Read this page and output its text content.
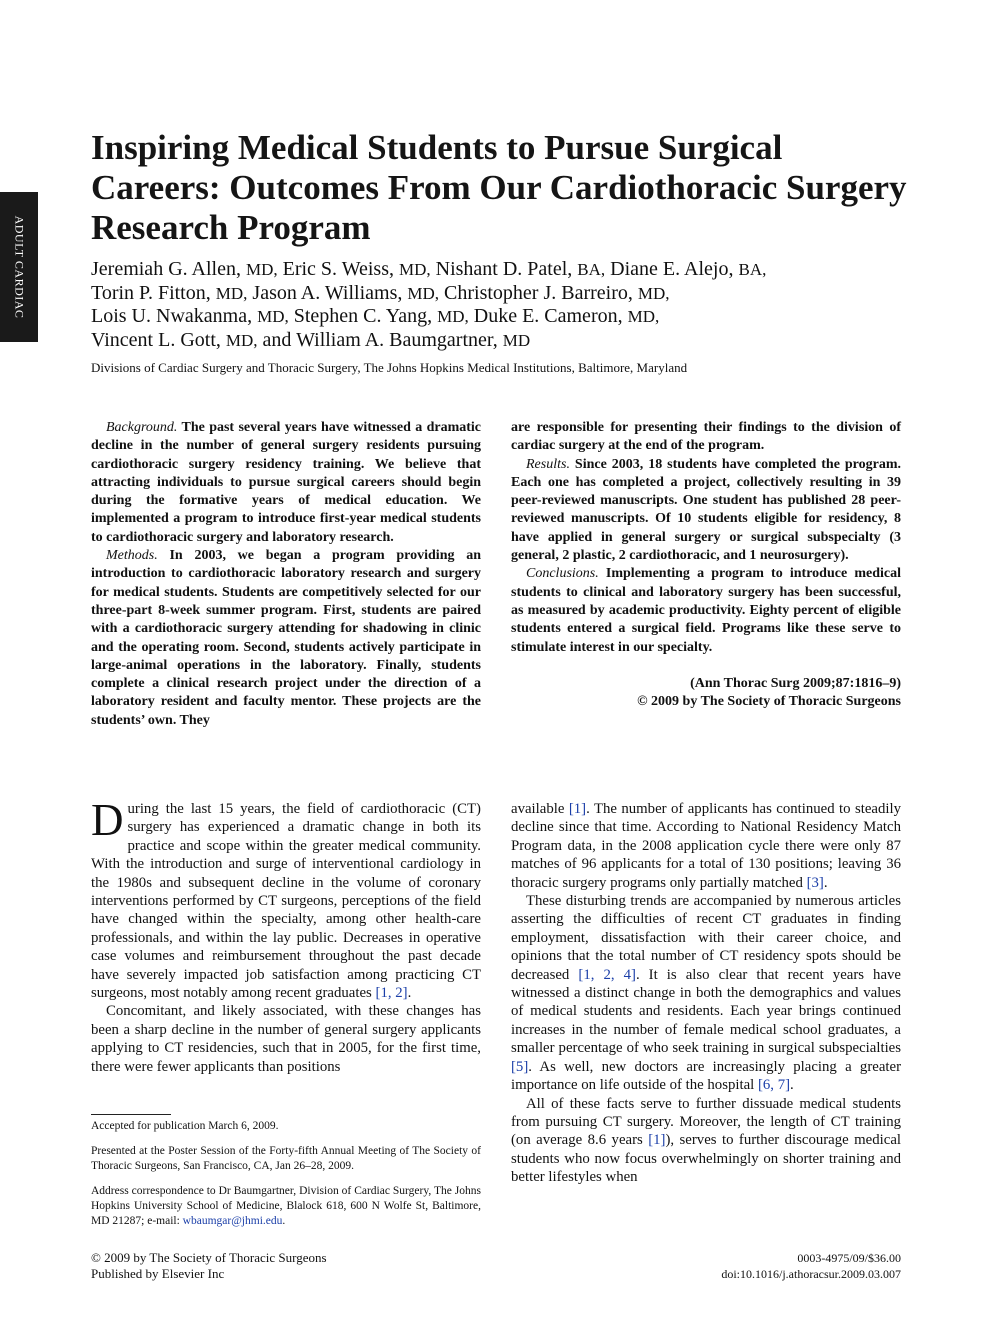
ADULT CARDIAC
Inspiring Medical Students to Pursue Surgical Careers: Outcomes From Our Cardiothoracic Surgery Research Program
Jeremiah G. Allen, MD, Eric S. Weiss, MD, Nishant D. Patel, BA, Diane E. Alejo, BA,
Torin P. Fitton, MD, Jason A. Williams, MD, Christopher J. Barreiro, MD,
Lois U. Nwakanma, MD, Stephen C. Yang, MD, Duke E. Cameron, MD,
Vincent L. Gott, MD, and William A. Baumgartner, MD
Divisions of Cardiac Surgery and Thoracic Surgery, The Johns Hopkins Medical Institutions, Baltimore, Maryland

Background. The past several years have witnessed a dramatic decline in the number of general surgery residents pursuing cardiothoracic surgery residency training. We believe that attracting individuals to pursue surgical careers should begin during the formative years of medical education. We implemented a program to introduce first-year medical students to cardiothoracic surgery and laboratory research.

Methods. In 2003, we began a program providing an introduction to cardiothoracic laboratory research and surgery for medical students. Students are competitively selected for our three-part 8-week summer program. First, students are paired with a cardiothoracic surgery attending for shadowing in clinic and the operating room. Second, students actively participate in large-animal operations in the laboratory. Finally, students complete a clinical research project under the direction of a laboratory resident and faculty mentor. These projects are the students’ own. They

are responsible for presenting their findings to the division of cardiac surgery at the end of the program.

Results. Since 2003, 18 students have completed the program. Each one has completed a project, collectively resulting in 39 peer-reviewed manuscripts. One student has published 28 peer-reviewed manuscripts. Of 10 students eligible for residency, 8 have applied in general surgery or surgical subspecialty (3 general, 2 plastic, 2 cardiothoracic, and 1 neurosurgery).

Conclusions. Implementing a program to introduce medical students to clinical and laboratory surgery has been successful, as measured by academic productivity. Eighty percent of eligible students entered a surgical field. Programs like these serve to stimulate interest in our specialty.

(Ann Thorac Surg 2009;87:1816–9)
© 2009 by The Society of Thoracic Surgeons

During the last 15 years, the field of cardiothoracic (CT) surgery has experienced a dramatic change in both its practice and scope within the greater medical community. With the introduction and surge of interventional cardiology in the 1980s and subsequent decline in the volume of coronary interventions performed by CT surgeons, perceptions of the field have changed within the specialty, among other health-care professionals, and within the lay public. Decreases in operative case volumes and reimbursement throughout the past decade have severely impacted job satisfaction among practicing CT surgeons, most notably among recent graduates [1, 2].

Concomitant, and likely associated, with these changes has been a sharp decline in the number of general surgery applicants applying to CT residencies, such that in 2005, for the first time, there were fewer applicants than positions

available [1]. The number of applicants has continued to steadily decline since that time. According to National Residency Match Program data, in the 2008 application cycle there were only 87 matches of 96 applicants for a total of 130 positions; leaving 36 thoracic surgery programs only partially matched [3].

These disturbing trends are accompanied by numerous articles asserting the difficulties of recent CT graduates in finding employment, dissatisfaction with their career choice, and opinions that the total number of CT residency spots should be decreased [1, 2, 4]. It is also clear that recent years have witnessed a distinct change in both the demographics and values of medical students and residents. Each year brings continued increases in the number of female medical school graduates, a smaller percentage of who seek training in surgical subspecialties [5]. As well, new doctors are increasingly placing a greater importance on life outside of the hospital [6, 7].

All of these facts serve to further dissuade medical students from pursuing CT surgery. Moreover, the length of CT training (on average 8.6 years [1]), serves to further discourage medical students who now focus overwhelmingly on shorter training and better lifestyles when

Accepted for publication March 6, 2009.

Presented at the Poster Session of the Forty-fifth Annual Meeting of The Society of Thoracic Surgeons, San Francisco, CA, Jan 26–28, 2009.

Address correspondence to Dr Baumgartner, Division of Cardiac Surgery, The Johns Hopkins University School of Medicine, Blalock 618, 600 N Wolfe St, Baltimore, MD 21287; e-mail: wbaumgar@jhmi.edu.

© 2009 by The Society of Thoracic Surgeons
Published by Elsevier Inc
0003-4975/09/$36.00
doi:10.1016/j.athoracsur.2009.03.007
